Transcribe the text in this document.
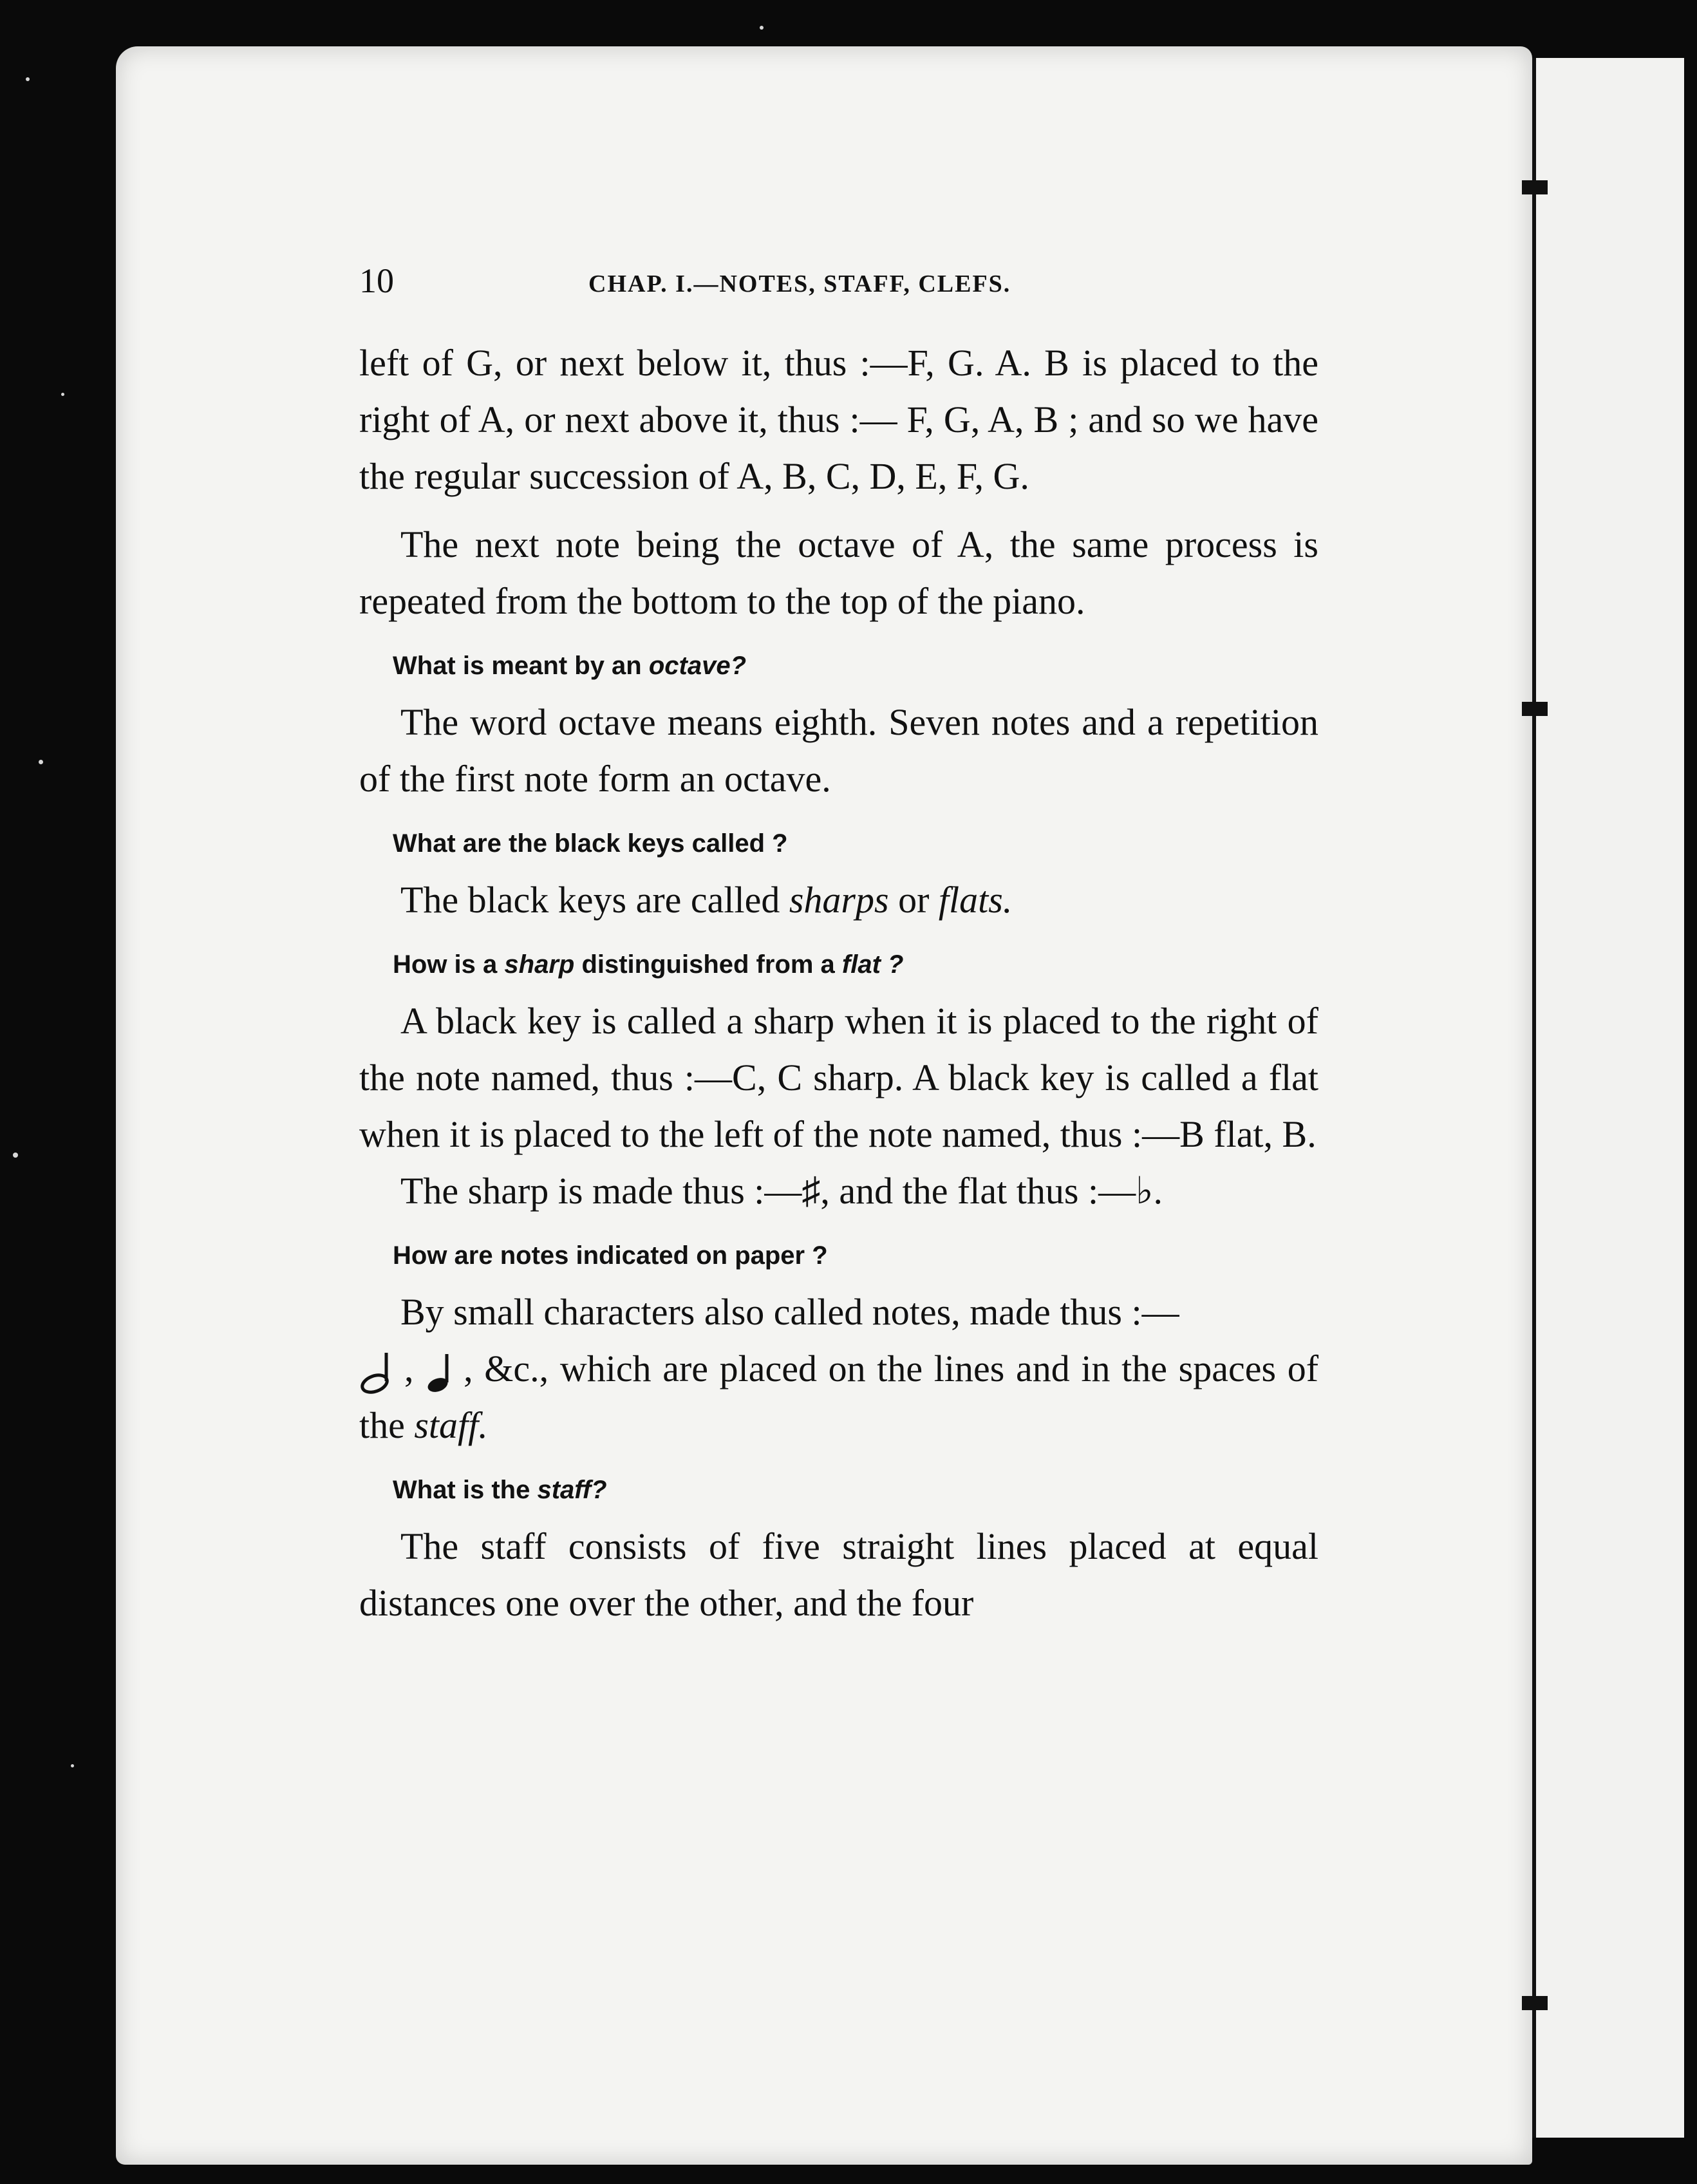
10	CHAP. I.—NOTES, STAFF, CLEFS.

left of G, or next below it, thus :—F, G. A. B is placed to the right of A, or next above it, thus :— F, G, A, B ; and so we have the regular succession of A, B, C, D, E, F, G.

The next note being the octave of A, the same process is repeated from the bottom to the top of the piano.

What is meant by an octave?

The word octave means eighth. Seven notes and a repetition of the first note form an octave.

What are the black keys called ?

The black keys are called sharps or flats.

How is a sharp distinguished from a flat ?

A black key is called a sharp when it is placed to the right of the note named, thus :—C, C sharp. A black key is called a flat when it is placed to the left of the note named, thus :—B flat, B.

The sharp is made thus :—♯, and the flat thus :—♭.

How are notes indicated on paper ?

By small characters also called notes, made thus :—
, , &c., which are placed on the lines and in the spaces of the staff.

What is the staff?

The staff consists of five straight lines placed at equal distances one over the other, and the four
